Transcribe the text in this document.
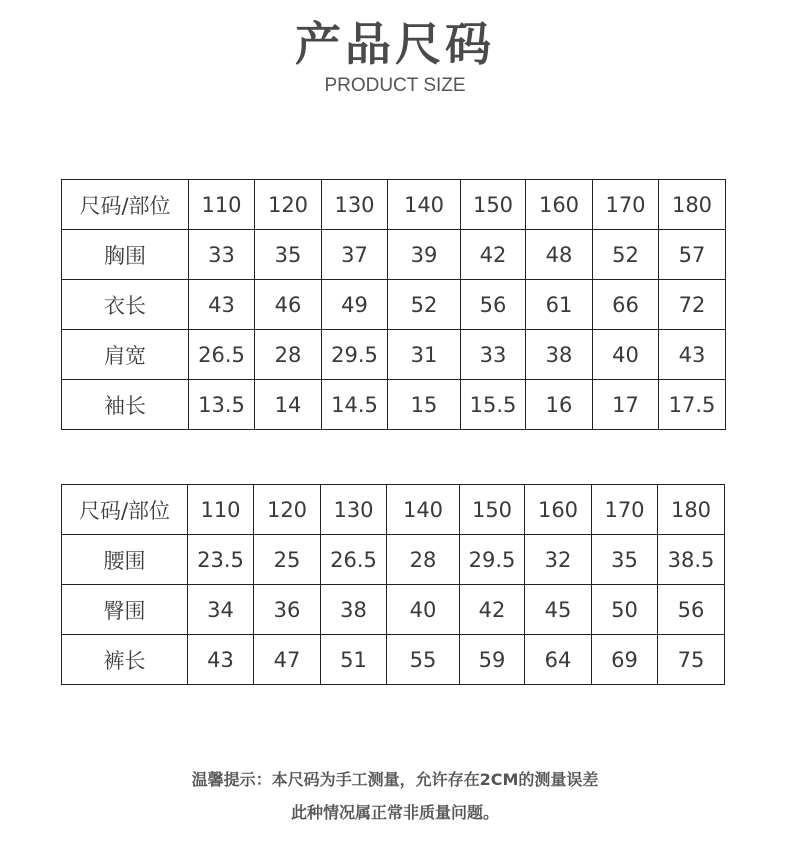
产品尺码
PRODUCT SIZE
尺码/部位	110	120	130	140	150	160	170	180
胸围	33	35	37	39	42	48	52	57
衣长	43	46	49	52	56	61	66	72
肩宽	26.5	28	29.5	31	33	38	40	43
袖长	13.5	14	14.5	15	15.5	16	17	17.5
尺码/部位	110	120	130	140	150	160	170	180
腰围	23.5	25	26.5	28	29.5	32	35	38.5
臀围	34	36	38	40	42	45	50	56
裤长	43	47	51	55	59	64	69	75
温馨提示：本尺码为手工测量，允许存在2CM的测量误差
此种情况属正常非质量问题。
